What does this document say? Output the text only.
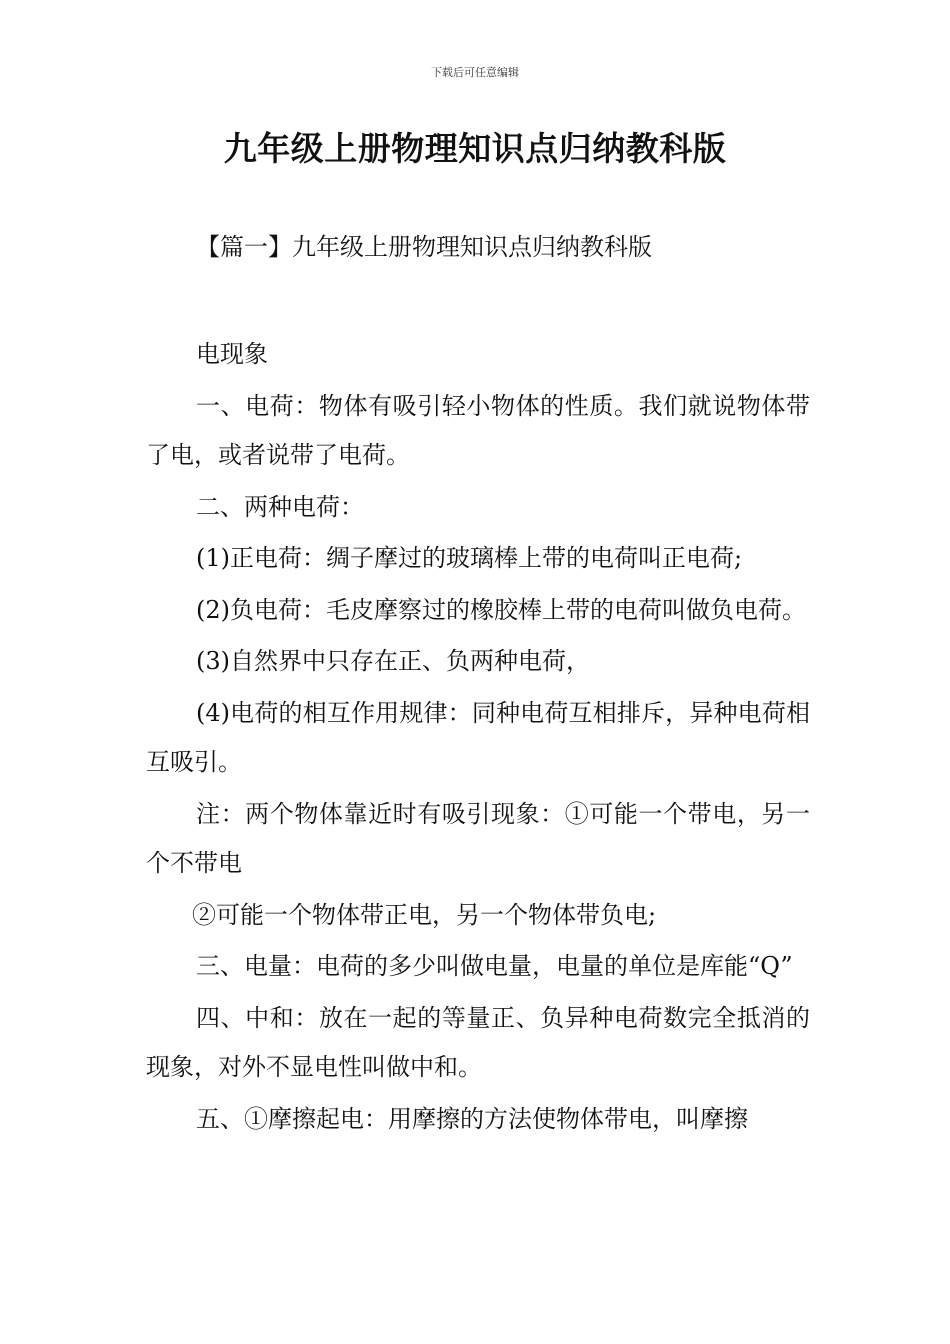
下载后可任意编辑
九年级上册物理知识点归纳教科版
【篇一】九年级上册物理知识点归纳教科版

电现象

一、电荷：物体有吸引轻小物体的性质。我们就说物体带了电，或者说带了电荷。

二、两种电荷：

(1)正电荷：绸子摩过的玻璃棒上带的电荷叫正电荷;

(2)负电荷：毛皮摩察过的橡胶棒上带的电荷叫做负电荷。

(3)自然界中只存在正、负两种电荷，

(4)电荷的相互作用规律：同种电荷互相排斥，异种电荷相互吸引。

注：两个物体靠近时有吸引现象：①可能一个带电，另一个不带电

②可能一个物体带正电，另一个物体带负电;

三、电量：电荷的多少叫做电量，电量的单位是库能“Q”

四、中和：放在一起的等量正、负异种电荷数完全抵消的现象，对外不显电性叫做中和。

五、①摩擦起电：用摩擦的方法使物体带电，叫摩擦
